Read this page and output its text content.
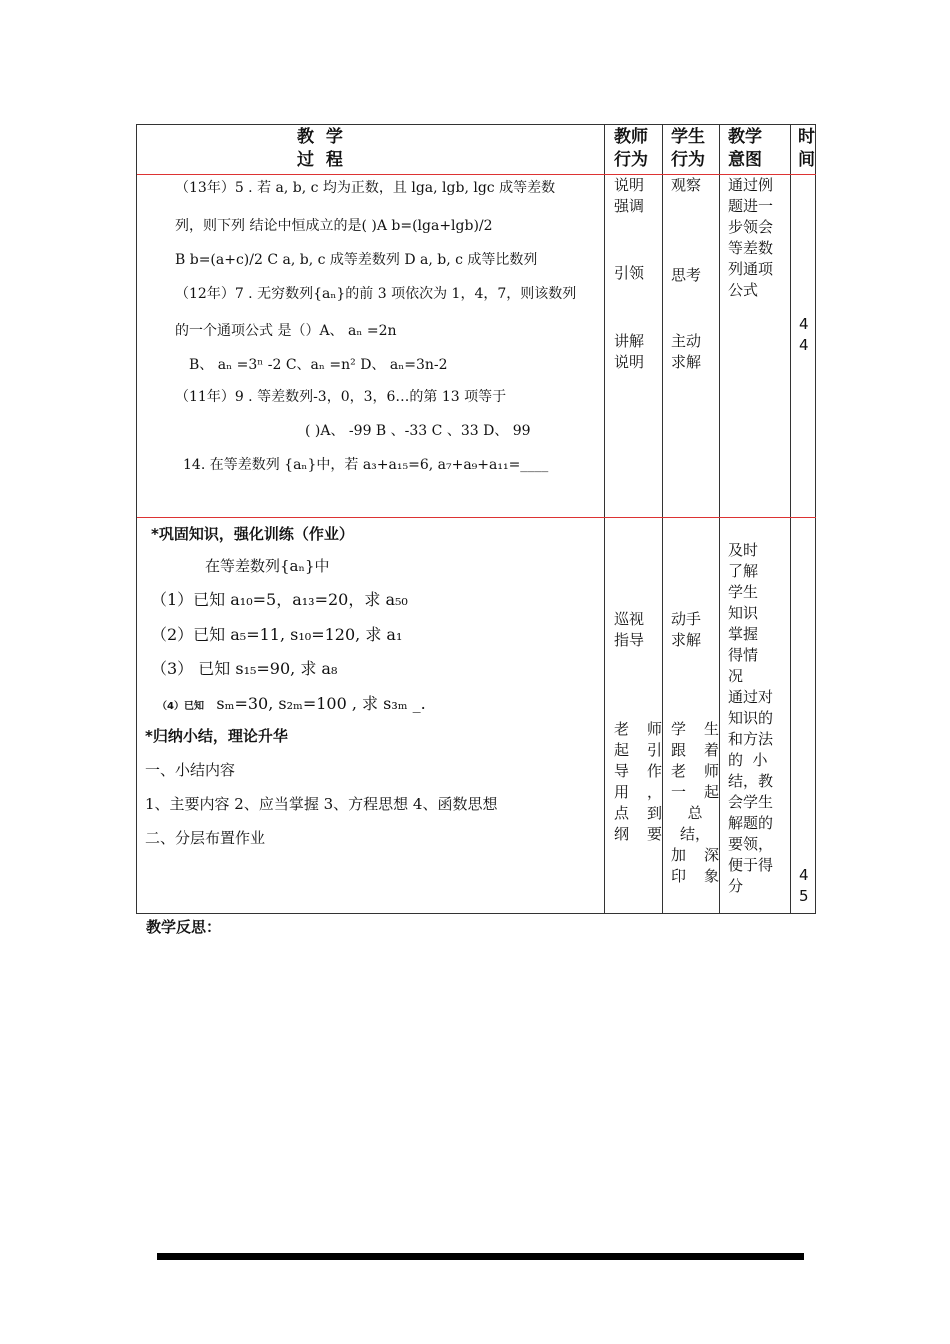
教  学
过  程
教师
行为
学生
行为
教学
意图
时
间
（13年）5 . 若 a, b, c 均为正数，且 lga, lgb, lgc 成等差数
列，则下列 结论中恒成立的是( )A b=(lga+lgb)/2
B b=(a+c)/2 C a, b, c 成等差数列 D a, b, c 成等比数列
（12年）7 . 无穷数列{aₙ}的前 3 项依次为 1，4，7，则该数列
的一个通项公式 是（）A、 aₙ =2n
B、 aₙ =3ⁿ -2 C、aₙ =n² D、 aₙ=3n-2
（11年）9 . 等差数列-3，0，3，6…的第 13 项等于
( )A、 -99 B 、-33 C 、33 D、 99
14. 在等差数列 {aₙ}中，若 a₃+a₁₅=6, a₇+a₉+a₁₁=____
说明
强调
引领
讲解
说明
观察
思考
主动
求解
通过例
题进一
步领会
等差数
列通项
公式
4
4
*巩固知识，强化训练（作业）
在等差数列{aₙ}中
（1）已知 a₁₀=5，a₁₃=20，求 a₅₀
（2）已知 a₅=11, s₁₀=120, 求 a₁
（3） 已知 s₁₅=90, 求 a₈
（4）已知 sₘ=30, s₂ₘ=100 , 求 s₃ₘ _.
*归纳小结，理论升华
一、小结内容
1、主要内容 2、应当掌握 3、方程思想 4、函数思想
二、分层布置作业
巡视
指导
老师
起引
导作
用，
点到
纲要
动手
求解
学生
跟着
老师
一起
总
结，
加深
印象
及时
了解
学生
知识
掌握
得情
况
通过对
知识的
和方法
的  小
结，教
会学生
解题的
要领，
便于得
分
4
5
教学反思：
